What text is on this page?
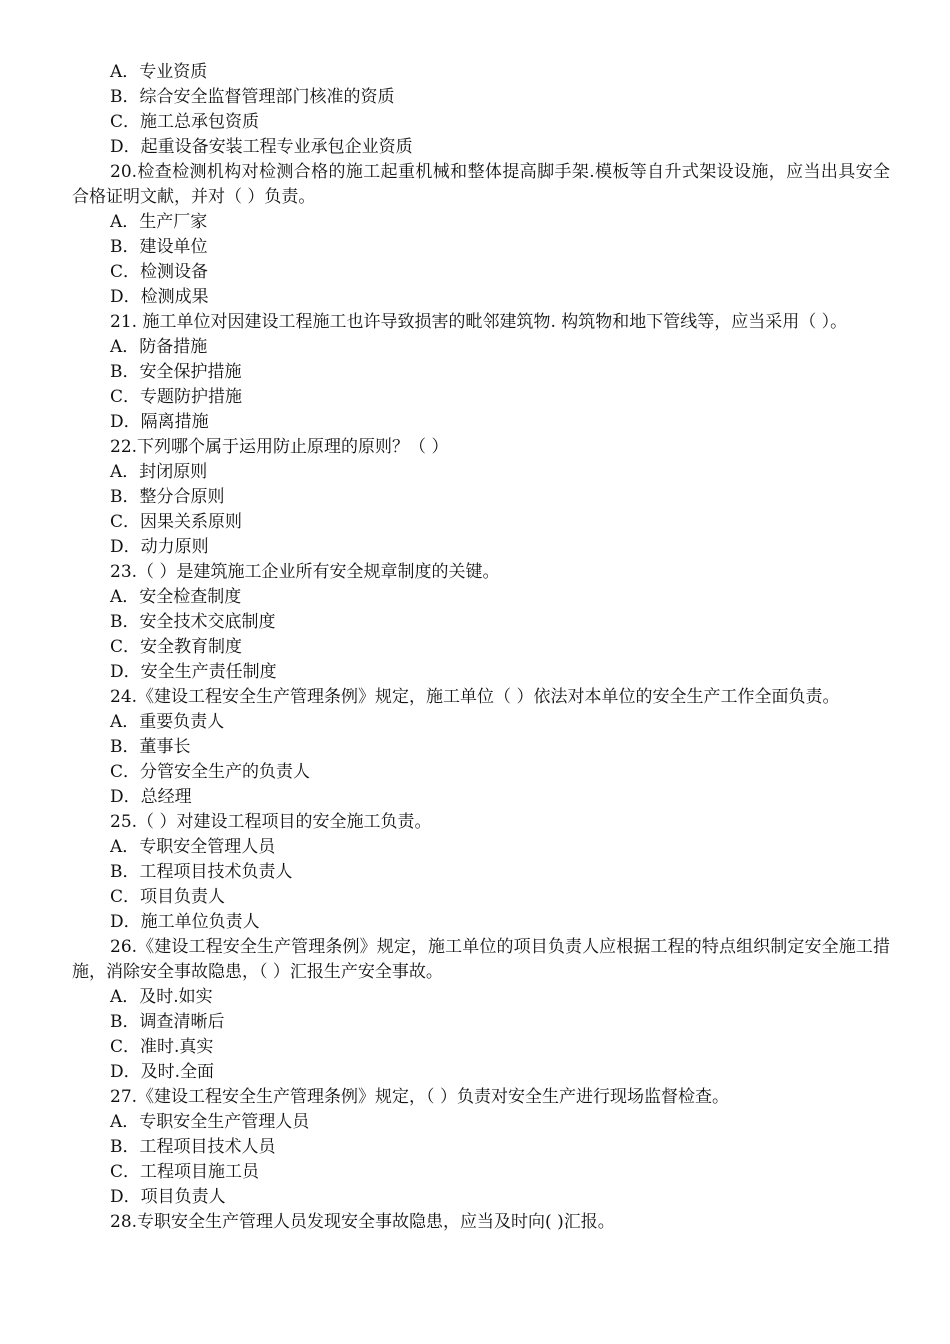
A．专业资质
B．综合安全监督管理部门核准的资质
C．施工总承包资质
D．起重设备安装工程专业承包企业资质
20.检查检测机构对检测合格的施工起重机械和整体提高脚手架.模板等自升式架设设施，应当出具安全合格证明文献，并对（ ）负责。
A．生产厂家
B．建设单位
C．检测设备
D．检测成果
21. 施工单位对因建设工程施工也许导致损害的毗邻建筑物. 构筑物和地下管线等，应当采用（ ）。
A．防备措施
B．安全保护措施
C．专题防护措施
D．隔离措施
22.下列哪个属于运用防止原理的原则？（ ）
A．封闭原则
B．整分合原则
C．因果关系原则
D．动力原则
23.（ ）是建筑施工企业所有安全规章制度的关键。
A．安全检查制度
B．安全技术交底制度
C．安全教育制度
D．安全生产责任制度
24.《建设工程安全生产管理条例》规定，施工单位（ ）依法对本单位的安全生产工作全面负责。
A．重要负责人
B．董事长
C．分管安全生产的负责人
D．总经理
25.（ ）对建设工程项目的安全施工负责。
A．专职安全管理人员
B．工程项目技术负责人
C．项目负责人
D．施工单位负责人
26.《建设工程安全生产管理条例》规定，施工单位的项目负责人应根据工程的特点组织制定安全施工措施，消除安全事故隐患，（ ）汇报生产安全事故。
A．及时.如实
B．调查清晰后
C．准时.真实
D．及时.全面
27.《建设工程安全生产管理条例》规定，（ ）负责对安全生产进行现场监督检查。
A．专职安全生产管理人员
B．工程项目技术人员
C．工程项目施工员
D．项目负责人
28.专职安全生产管理人员发现安全事故隐患，应当及时向( )汇报。
